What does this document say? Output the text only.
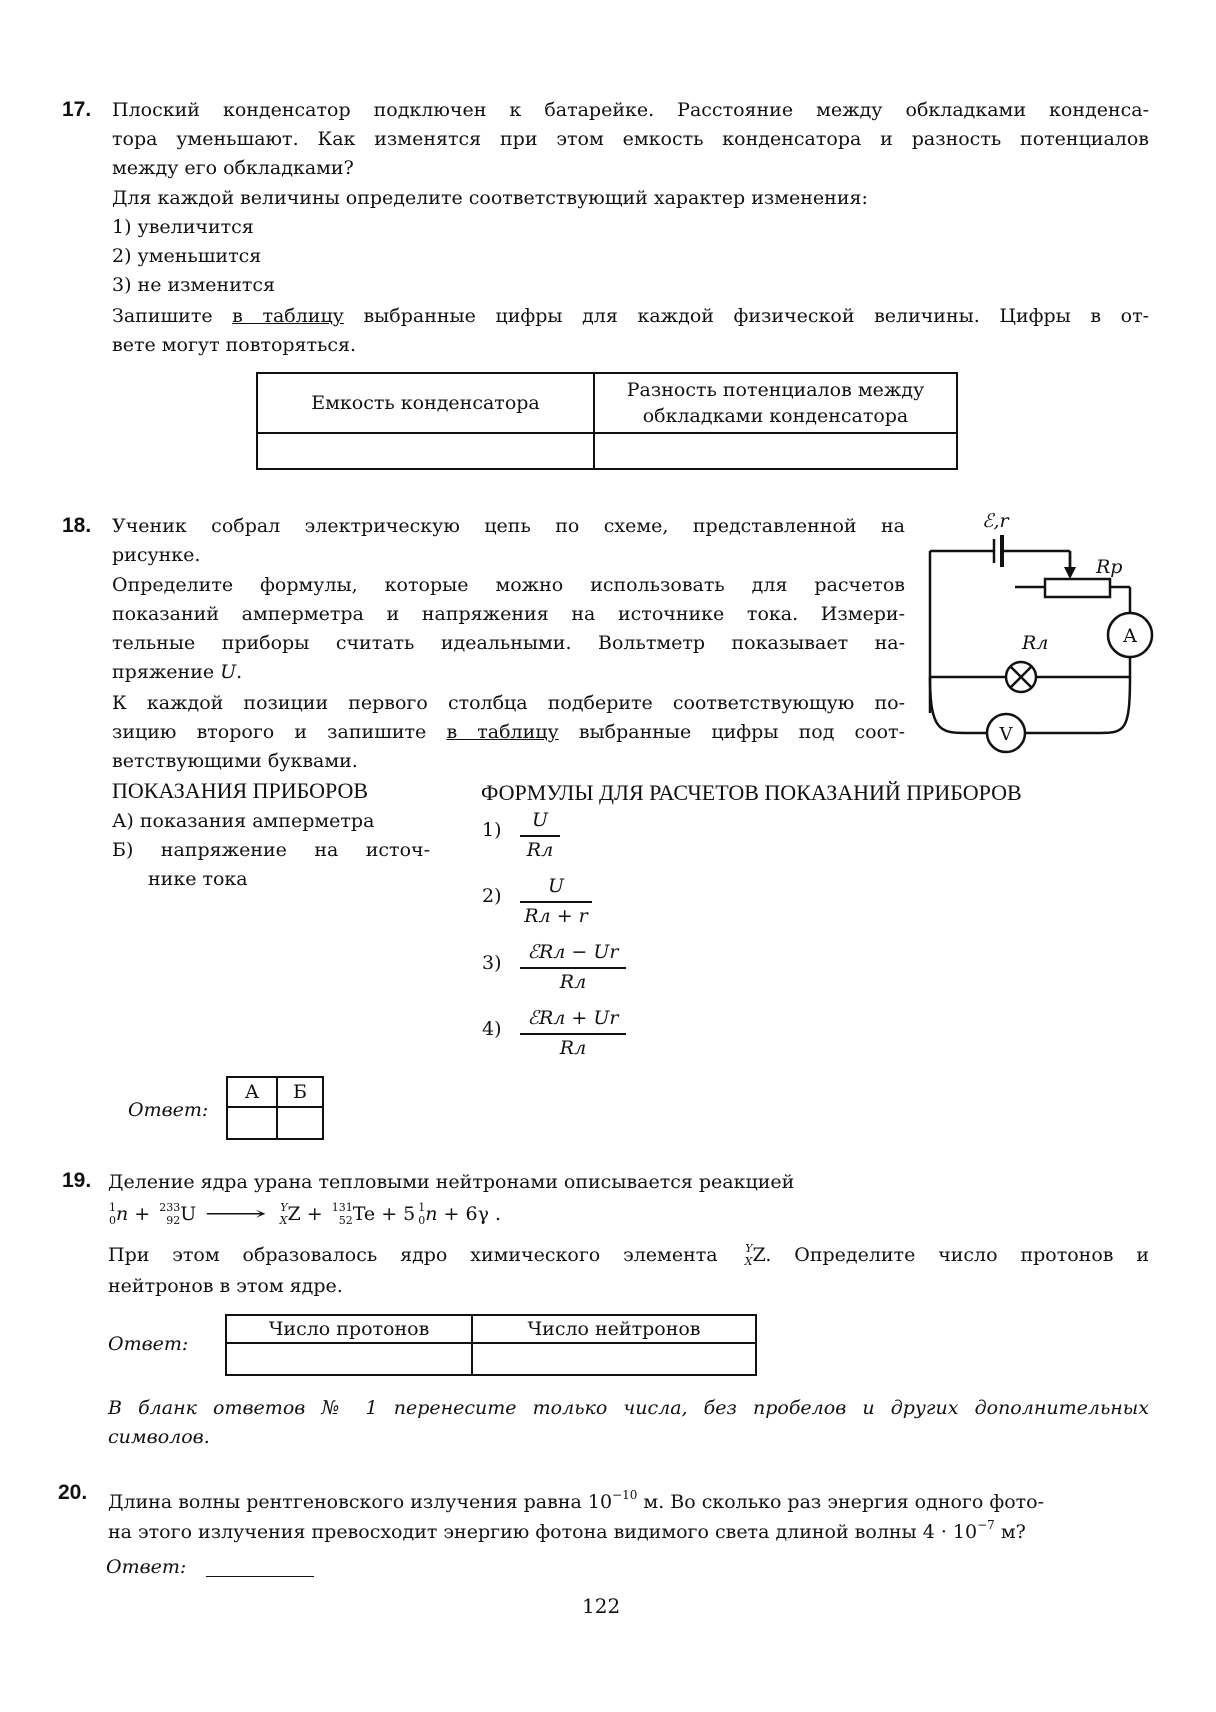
17. Плоский конденсатор подключен к батарейке. Расстояние между обкладками конденса-
тора уменьшают. Как изменятся при этом емкость конденсатора и разность потенциалов
между его обкладками?
Для каждой величины определите соответствующий характер изменения:
1) увеличится
2) уменьшится
3) не изменится
Запишите в таблицу выбранные цифры для каждой физической величины. Цифры в от-
вете могут повторяться.
Емкость конденсатора	Разность потенциалов между
обкладками конденсатора

18. Ученик собрал электрическую цепь по схеме, представленной на
рисунке.
Определите формулы, которые можно использовать для расчетов
показаний амперметра и напряжения на источнике тока. Измери-
тельные приборы считать идеальными. Вольтметр показывает на-
пряжение U.
К каждой позиции первого столбца подберите соответствующую по-
зицию второго и запишите в таблицу выбранные цифры под соот-
ветствующими буквами.
ℰ,r
Rр
A
Rл
V
ПОКАЗАНИЯ ПРИБОРОВ	ФОРМУЛЫ ДЛЯ РАСЧЕТОВ ПОКАЗАНИЙ ПРИБОРОВ
А) показания амперметра
Б) напряжение на источ-
нике тока
1)	U
Rл
2)	U
Rл + r
3)	ℰRл − Ur
Rл
4)	ℰRл + Ur
Rл
Ответ:
А	Б

19. Деление ядра урана тепловыми нейтронами описывается реакцией
1
0 n + 233
92 U ⟶ Y
X Z + 131
52 Te + 5 1
0 n + 6γ .
При этом образовалось ядро химического элемента Y
X Z. Определите число протонов и
нейтронов в этом ядре.
Ответ:
Число протонов	Число нейтронов

В бланк ответов № 1 перенесите только числа, без пробелов и других дополнительных
символов.
20. Длина волны рентгеновского излучения равна $10^{-10}$ м. Во сколько раз энергия одного фото-
на этого излучения превосходит энергию фотона видимого света длиной волны $4 \cdot 10^{-7}$ м?
Ответ:
122
